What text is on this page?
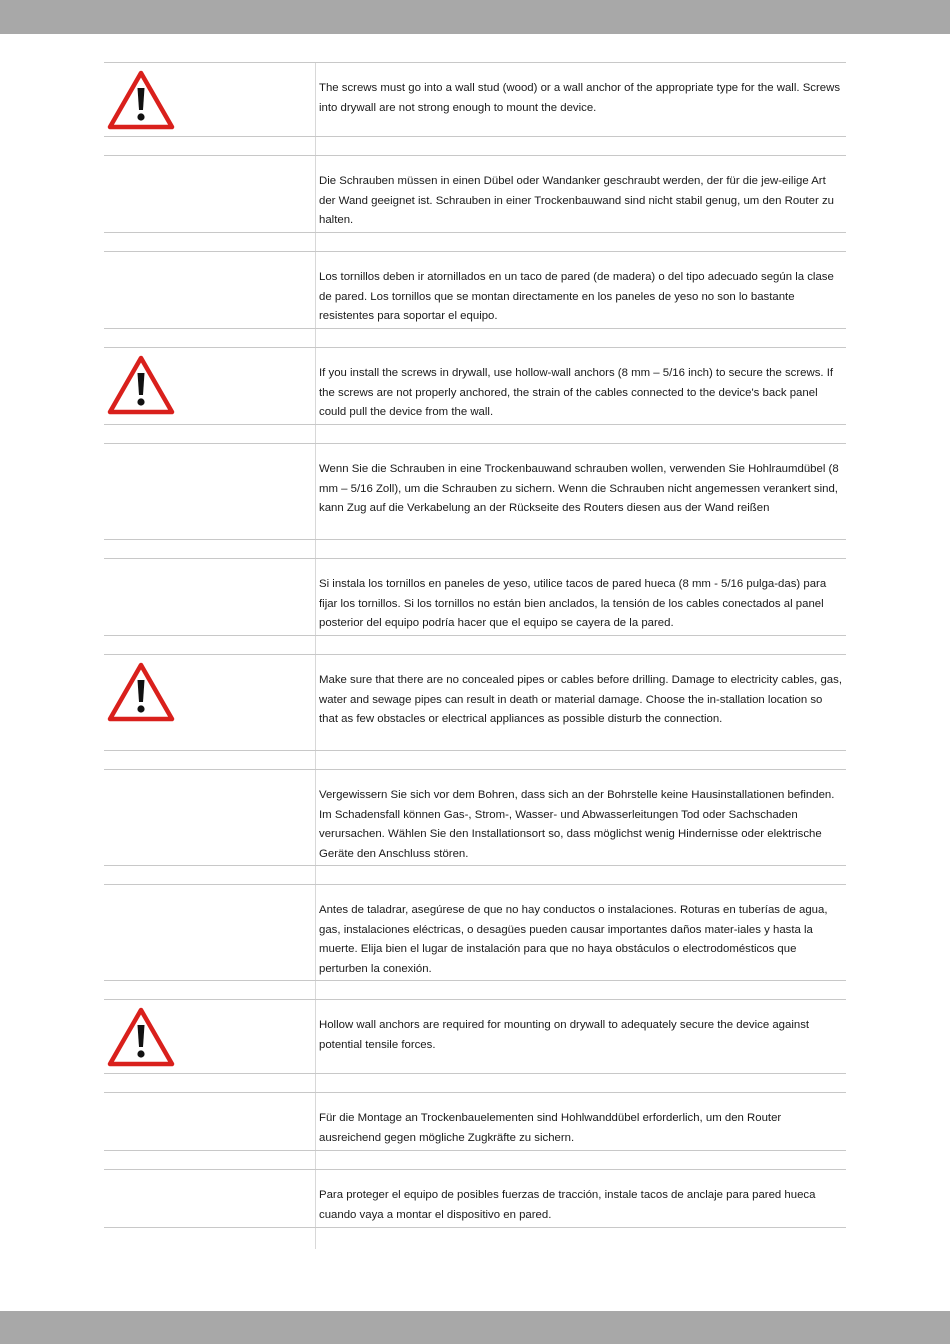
The screws must go into a wall stud (wood) or a wall anchor of the appropriate type for the wall. Screws into drywall are not strong enough to mount the device.
Die Schrauben müssen in einen Dübel oder Wandanker geschraubt werden, der für die jew-eilige Art der Wand geeignet ist. Schrauben in einer Trockenbauwand sind nicht stabil genug, um den Router zu halten.
Los tornillos deben ir atornillados en un taco de pared (de madera) o del tipo adecuado según la clase de pared. Los tornillos que se montan directamente en los paneles de yeso no son lo bastante resistentes para soportar el equipo.
If you install the screws in drywall, use hollow-wall anchors (8 mm – 5/16 inch) to secure the screws. If the screws are not properly anchored, the strain of the cables connected to the device's back panel could pull the device from the wall.
Wenn Sie die Schrauben in eine Trockenbauwand schrauben wollen, verwenden Sie Hohlraumdübel (8 mm – 5/16 Zoll), um die Schrauben zu sichern. Wenn die Schrauben nicht angemessen verankert sind, kann Zug auf die Verkabelung an der Rückseite des Routers diesen aus der Wand reißen
Si instala los tornillos en paneles de yeso, utilice tacos de pared hueca (8 mm - 5/16 pulga-das) para fijar los tornillos. Si los tornillos no están bien anclados, la tensión de los cables conectados al panel posterior del equipo podría hacer que el equipo se cayera de la pared.
Make sure that there are no concealed pipes or cables before drilling. Damage to electricity cables, gas, water and sewage pipes can result in death or material damage. Choose the in-stallation location so that as few obstacles or electrical appliances as possible disturb the connection.
Vergewissern Sie sich vor dem Bohren, dass sich an der Bohrstelle keine Hausinstallationen befinden. Im Schadensfall können Gas-, Strom-, Wasser- und Abwasserleitungen Tod oder Sachschaden verursachen. Wählen Sie den Installationsort so, dass möglichst wenig Hindernisse oder elektrische Geräte den Anschluss stören.
Antes de taladrar, asegúrese de que no hay conductos o instalaciones. Roturas en tuberías de agua, gas, instalaciones eléctricas, o desagües pueden causar importantes daños mater-iales y hasta la muerte. Elija bien el lugar de instalación para que no haya obstáculos o electrodomésticos que perturben la conexión.
Hollow wall anchors are required for mounting on drywall to adequately secure the device against potential tensile forces.
Für die Montage an Trockenbauelementen sind Hohlwanddübel erforderlich, um den Router ausreichend gegen mögliche Zugkräfte zu sichern.
Para proteger el equipo de posibles fuerzas de tracción, instale tacos de anclaje para pared hueca cuando vaya a montar el dispositivo en pared.
